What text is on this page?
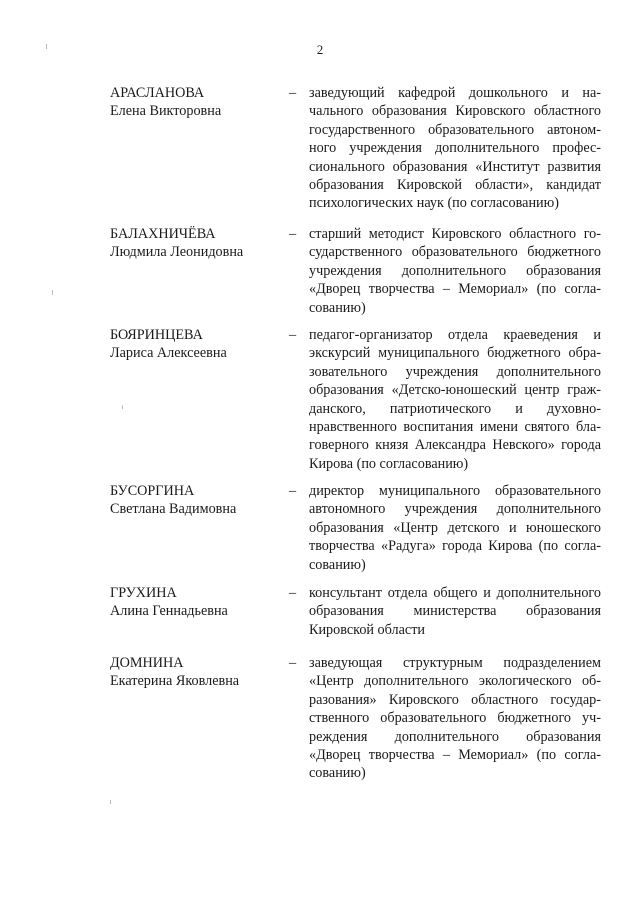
2
АРАСЛАНОВА
Елена Викторовна
– заведующий кафедрой дошкольного и начального образования Кировского областного государственного образовательного автономного учреждения дополнительного профессионального образования «Институт развития образования Кировской области», кандидат психологических наук (по согласованию)
БАЛАХНИЧЁВА
Людмила Леонидовна
– старший методист Кировского областного государственного образовательного бюджетного учреждения дополнительного образования «Дворец творчества – Мемориал» (по согласованию)
БОЯРИНЦЕВА
Лариса Алексеевна
– педагог-организатор отдела краеведения и экскурсий муниципального бюджетного образовательного учреждения дополнительного образования «Детско-юношеский центр гражданского, патриотического и духовно-нравственного воспитания имени святого благоверного князя Александра Невского» города Кирова (по согласованию)
БУСОРГИНА
Светлана Вадимовна
– директор муниципального образовательного автономного учреждения дополнительного образования «Центр детского и юношеского творчества «Радуга» города Кирова (по согласованию)
ГРУХИНА
Алина Геннадьевна
– консультант отдела общего и дополнительного образования министерства образования Кировской области
ДОМНИНА
Екатерина Яковлевна
– заведующая структурным подразделением «Центр дополнительного экологического образования» Кировского областного государственного образовательного бюджетного учреждения дополнительного образования «Дворец творчества – Мемориал» (по согласованию)
